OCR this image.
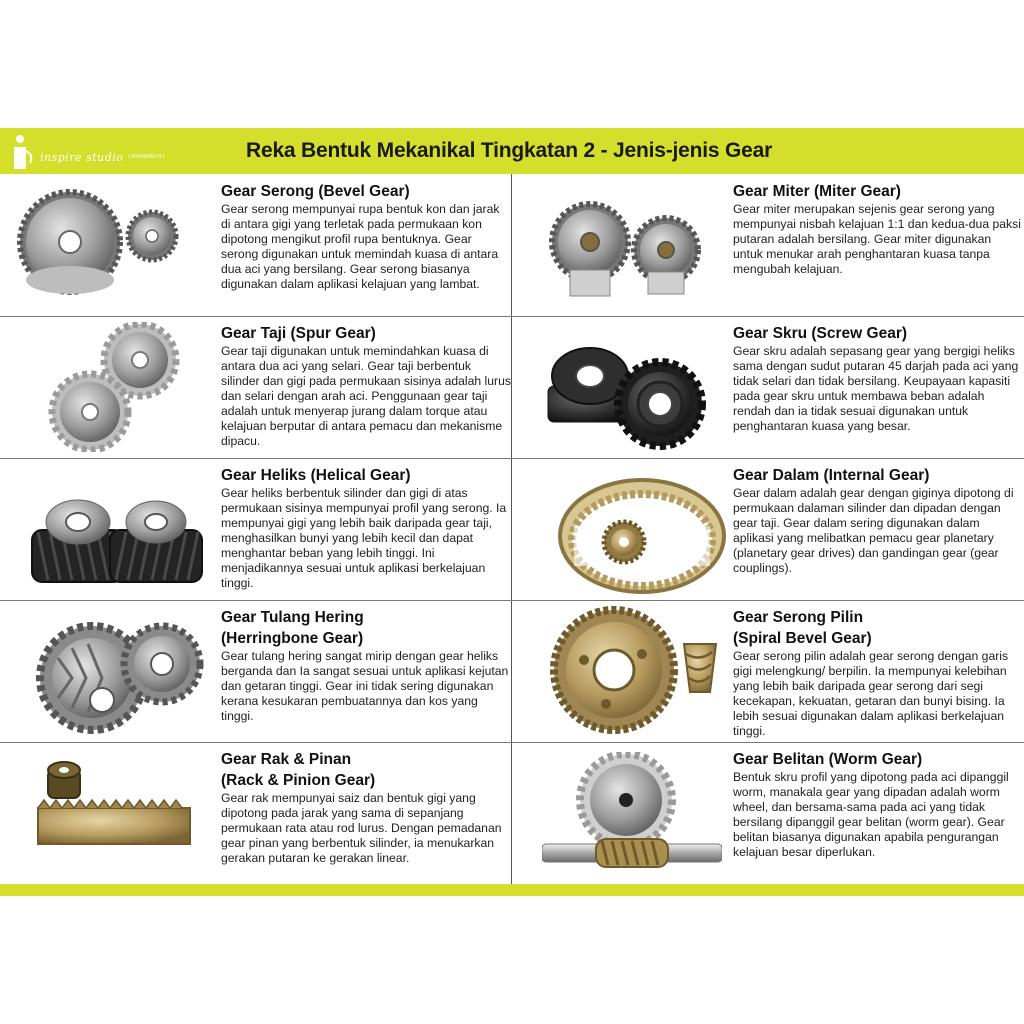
inspire studio ( 002448450-H )	Reka Bentuk Mekanikal Tingkatan 2 - Jenis-jenis Gear

Gear Serong (Bevel Gear)

Gear serong mempunyai rupa bentuk kon dan jarak di antara gigi yang terletak pada permukaan kon dipotong mengikut profil rupa bentuknya. Gear serong digunakan untuk memindah kuasa di antara dua aci yang bersilang. Gear serong biasanya digunakan dalam aplikasi kelajuan yang lambat.

Gear Miter (Miter Gear)

Gear miter merupakan sejenis gear serong yang mempunyai nisbah kelajuan 1:1 dan kedua-dua paksi putaran adalah bersilang. Gear miter digunakan untuk menukar arah penghantaran kuasa tanpa mengubah kelajuan.

Gear Taji (Spur Gear)

Gear taji digunakan untuk memindahkan kuasa di antara dua aci yang selari. Gear taji berbentuk silinder dan gigi pada permukaan sisinya adalah lurus dan selari dengan arah aci. Penggunaan gear taji adalah untuk menyerap jurang dalam torque atau kelajuan berputar di antara pemacu dan mekanisme dipacu.

Gear Skru (Screw Gear)

Gear skru adalah sepasang gear yang bergigi heliks sama dengan sudut putaran 45 darjah pada aci yang tidak selari dan tidak bersilang. Keupayaan kapasiti pada gear skru untuk membawa beban adalah rendah dan ia tidak sesuai digunakan untuk penghantaran kuasa yang besar.

Gear Heliks (Helical Gear)

Gear heliks berbentuk silinder dan gigi di atas permukaan sisinya mempunyai profil yang serong. Ia mempunyai gigi yang lebih baik daripada gear taji, menghasilkan bunyi yang lebih kecil dan dapat menghantar beban yang lebih tinggi. Ini menjadikannya sesuai untuk aplikasi berkelajuan tinggi.

Gear Dalam (Internal Gear)

Gear dalam adalah gear dengan giginya dipotong di permukaan dalaman silinder dan dipadan dengan gear taji. Gear dalam sering digunakan dalam aplikasi yang melibatkan pemacu gear planetary (planetary gear drives) dan gandingan gear (gear couplings).

Gear Tulang Hering

(Herringbone Gear)

Gear tulang hering sangat mirip dengan gear heliks berganda dan Ia sangat sesuai untuk aplikasi kejutan dan getaran tinggi. Gear ini tidak sering digunakan kerana kesukaran pembuatannya dan kos yang tinggi.

Gear Serong Pilin

(Spiral Bevel Gear)

Gear serong pilin adalah gear serong dengan garis gigi melengkung/ berpilin. Ia mempunyai kelebihan yang lebih baik daripada gear serong dari segi kecekapan, kekuatan, getaran dan bunyi bising. Ia lebih sesuai digunakan dalam aplikasi berkelajuan tinggi.

Gear Rak & Pinan

(Rack & Pinion Gear)

Gear rak mempunyai saiz dan bentuk gigi yang dipotong pada jarak yang sama di sepanjang permukaan rata atau rod lurus. Dengan pemadanan gear pinan yang berbentuk silinder, ia menukarkan gerakan putaran ke gerakan linear.

Gear Belitan (Worm Gear)

Bentuk skru profil yang dipotong pada aci dipanggil worm, manakala gear yang dipadan adalah worm wheel, dan bersama-sama pada aci yang tidak bersilang dipanggil gear belitan (worm gear). Gear belitan biasanya digunakan apabila pengurangan kelajuan besar diperlukan.
